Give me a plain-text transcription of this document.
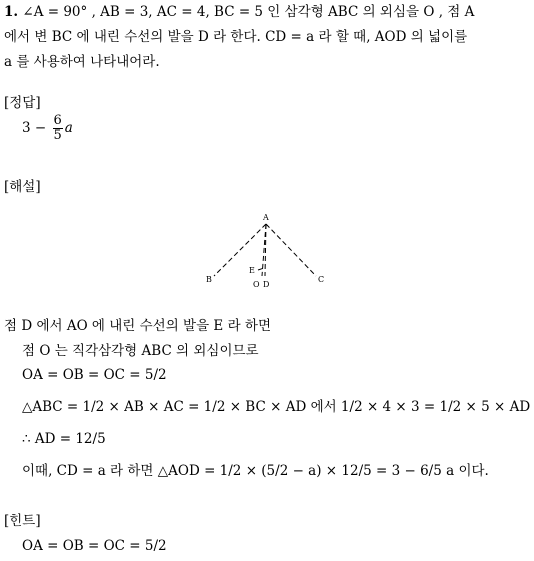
1. ∠A = 90° , AB = 3, AC = 4, BC = 5 인 삼각형 ABC 의 외심을 O , 점 A
에서 변 BC 에 내린 수선의 발을 D 라 한다. CD = a 라 할 때, AOD 의 넓이를
a 를 사용하여 나타내어라.
[정답]
$3 - \frac{6}{5}$ a
[해설]
A
B	C
E
O D
점 D 에서 AO 에 내린 수선의 발을 E 라 하면
점 O 는 직각삼각형 ABC 의 외심이므로
OA = OB = OC = 5/2
△ABC = 1/2 × AB × AC = 1/2 × BC × AD 에서 1/2 × 4 × 3 = 1/2 × 5 × AD
∴ AD = 12/5
이때, CD = a 라 하면 △AOD = 1/2 × (5/2 − a) × 12/5 = 3 − 6/5 a 이다.
[힌트]
OA = OB = OC = 5/2
